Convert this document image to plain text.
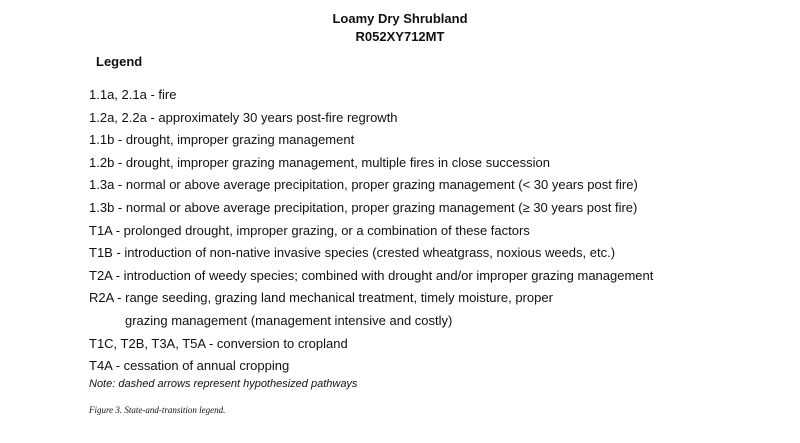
Loamy Dry Shrubland
R052XY712MT
Legend
1.1a, 2.1a - fire
1.2a, 2.2a - approximately 30 years post-fire regrowth
1.1b - drought, improper grazing management
1.2b - drought, improper grazing management, multiple fires in close succession
1.3a - normal or above average precipitation, proper grazing management (< 30 years post fire)
1.3b - normal or above average precipitation, proper grazing management (≥ 30 years post fire)
T1A - prolonged drought, improper grazing, or a combination of these factors
T1B - introduction of non-native invasive species (crested wheatgrass, noxious weeds, etc.)
T2A - introduction of weedy species; combined with drought and/or improper grazing management
R2A - range seeding, grazing land mechanical treatment, timely moisture, proper
grazing management (management intensive and costly)
T1C, T2B, T3A, T5A - conversion to cropland
T4A - cessation of annual cropping
Note: dashed arrows represent hypothesized pathways
Figure 3. State-and-transition legend.
